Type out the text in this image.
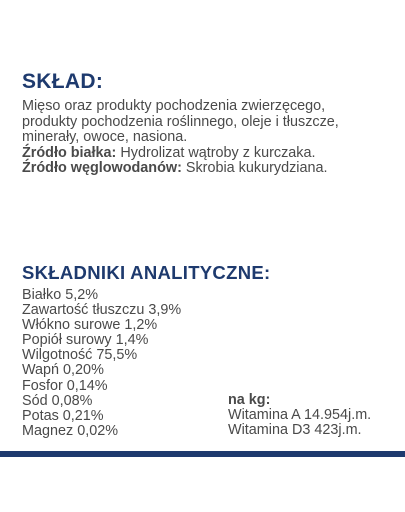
SKŁAD:
Mięso oraz produkty pochodzenia zwierzęcego,
produkty pochodzenia roślinnego, oleje i tłuszcze,
minerały, owoce, nasiona.
Źródło białka: Hydrolizat wątroby z kurczaka.
Źródło węglowodanów: Skrobia kukurydziana.
SKŁADNIKI ANALITYCZNE:
Białko 5,2%
Zawartość tłuszczu 3,9%
Włókno surowe 1,2%
Popiół surowy 1,4%
Wilgotność 75,5%
Wapń 0,20%
Fosfor 0,14%
Sód 0,08%
Potas 0,21%
Magnez 0,02%
na kg:
Witamina A 14.954j.m.
Witamina D3 423j.m.
